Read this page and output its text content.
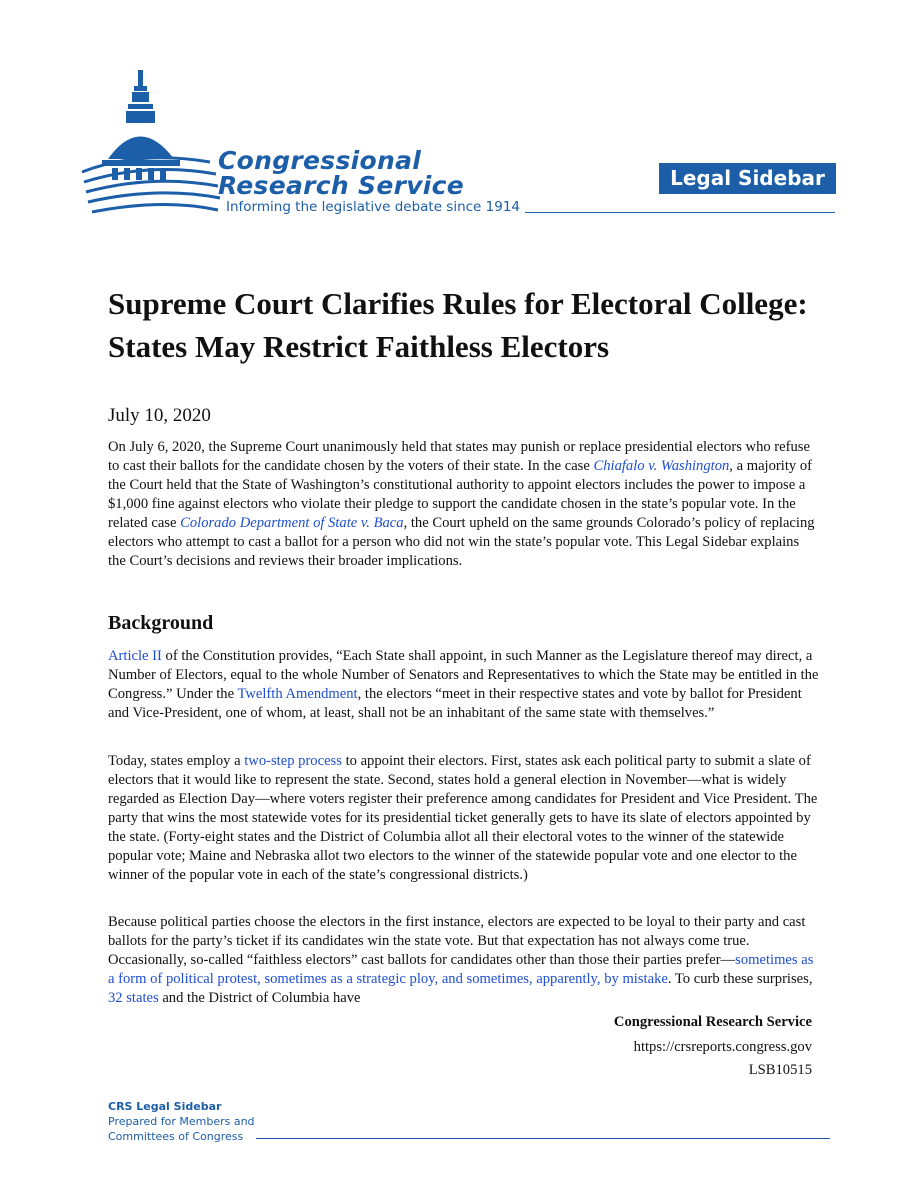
Congressional
Research Service
Informing the legislative debate since 1914
Legal Sidebar
Supreme Court Clarifies Rules for Electoral College: States May Restrict Faithless Electors
July 10, 2020

On July 6, 2020, the Supreme Court unanimously held that states may punish or replace presidential electors who refuse to cast their ballots for the candidate chosen by the voters of their state. In the case Chiafalo v. Washington, a majority of the Court held that the State of Washington’s constitutional authority to appoint electors includes the power to impose a $1,000 fine against electors who violate their pledge to support the candidate chosen in the state’s popular vote. In the related case Colorado Department of State v. Baca, the Court upheld on the same grounds Colorado’s policy of replacing electors who attempt to cast a ballot for a person who did not win the state’s popular vote. This Legal Sidebar explains the Court’s decisions and reviews their broader implications.

Background

Article II of the Constitution provides, “Each State shall appoint, in such Manner as the Legislature thereof may direct, a Number of Electors, equal to the whole Number of Senators and Representatives to which the State may be entitled in the Congress.” Under the Twelfth Amendment, the electors “meet in their respective states and vote by ballot for President and Vice-President, one of whom, at least, shall not be an inhabitant of the same state with themselves.”

Today, states employ a two-step process to appoint their electors. First, states ask each political party to submit a slate of electors that it would like to represent the state. Second, states hold a general election in November—what is widely regarded as Election Day—where voters register their preference among candidates for President and Vice President. The party that wins the most statewide votes for its presidential ticket generally gets to have its slate of electors appointed by the state. (Forty-eight states and the District of Columbia allot all their electoral votes to the winner of the statewide popular vote; Maine and Nebraska allot two electors to the winner of the statewide popular vote and one elector to the winner of the popular vote in each of the state’s congressional districts.)

Because political parties choose the electors in the first instance, electors are expected to be loyal to their party and cast ballots for the party’s ticket if its candidates win the state vote. But that expectation has not always come true. Occasionally, so-called “faithless electors” cast ballots for candidates other than those their parties prefer—sometimes as a form of political protest, sometimes as a strategic ploy, and sometimes, apparently, by mistake. To curb these surprises, 32 states and the District of Columbia have

Congressional Research Service
https://crsreports.congress.gov
LSB10515
CRS Legal Sidebar
Prepared for Members and
Committees of Congress
